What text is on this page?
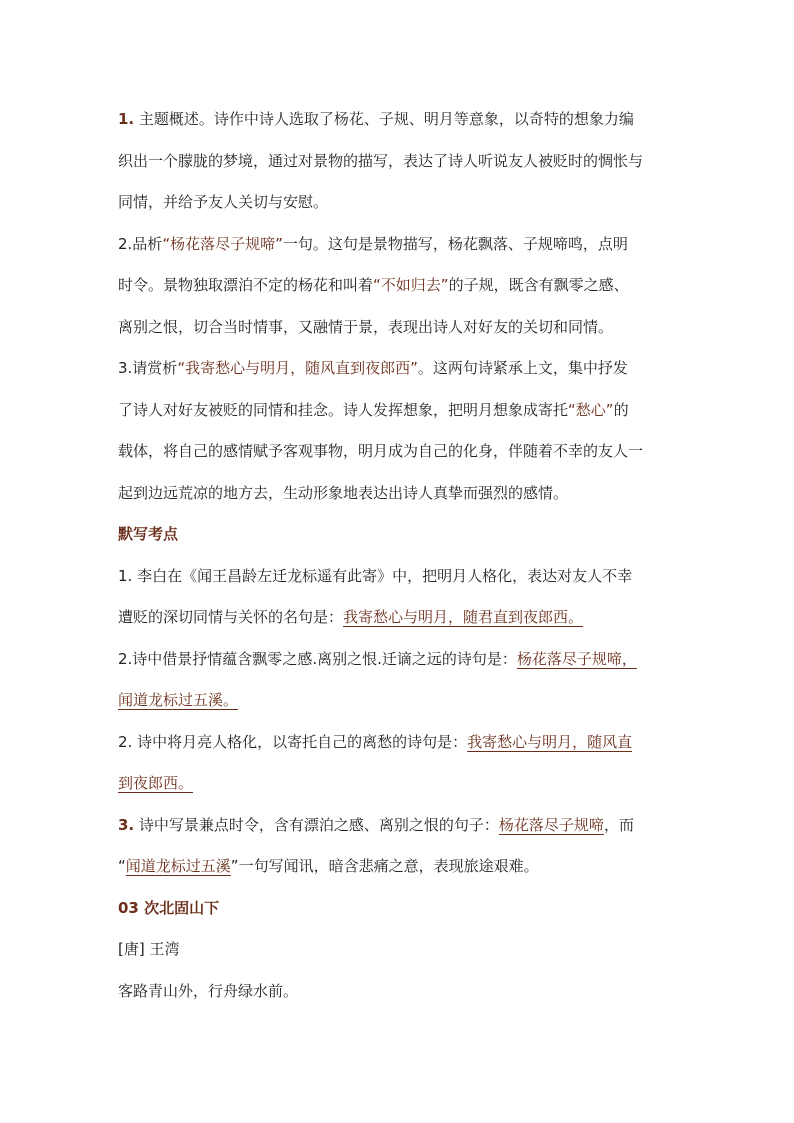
1. 主题概述。诗作中诗人选取了杨花、子规、明月等意象，以奇特的想象力编
织出一个朦胧的梦境，通过对景物的描写，表达了诗人听说友人被贬时的惆怅与
同情，并给予友人关切与安慰。
2.品析“杨花落尽子规啼”一句。这句是景物描写，杨花飘落、子规啼鸣，点明
时令。景物独取漂泊不定的杨花和叫着“不如归去”的子规，既含有飘零之感、
离别之恨，切合当时情事，又融情于景，表现出诗人对好友的关切和同情。
3.请赏析“我寄愁心与明月，随风直到夜郎西”。这两句诗紧承上文，集中抒发
了诗人对好友被贬的同情和挂念。诗人发挥想象，把明月想象成寄托“愁心”的
载体，将自己的感情赋予客观事物，明月成为自己的化身，伴随着不幸的友人一
起到边远荒凉的地方去，生动形象地表达出诗人真挚而强烈的感情。
默写考点
1. 李白在《闻王昌龄左迁龙标遥有此寄》中，把明月人格化，表达对友人不幸
遭贬的深切同情与关怀的名句是：我寄愁心与明月，随君直到夜郎西。
2.诗中借景抒情蕴含飘零之感.离别之恨.迁谪之远的诗句是：杨花落尽子规啼，
闻道龙标过五溪。
2. 诗中将月亮人格化，以寄托自己的离愁的诗句是：我寄愁心与明月，随风直
到夜郎西。
3. 诗中写景兼点时令，含有漂泊之感、离别之恨的句子：杨花落尽子规啼，而
“闻道龙标过五溪”一句写闻讯，暗含悲痛之意，表现旅途艰难。
03 次北固山下
[唐] 王湾
客路青山外，行舟绿水前。
